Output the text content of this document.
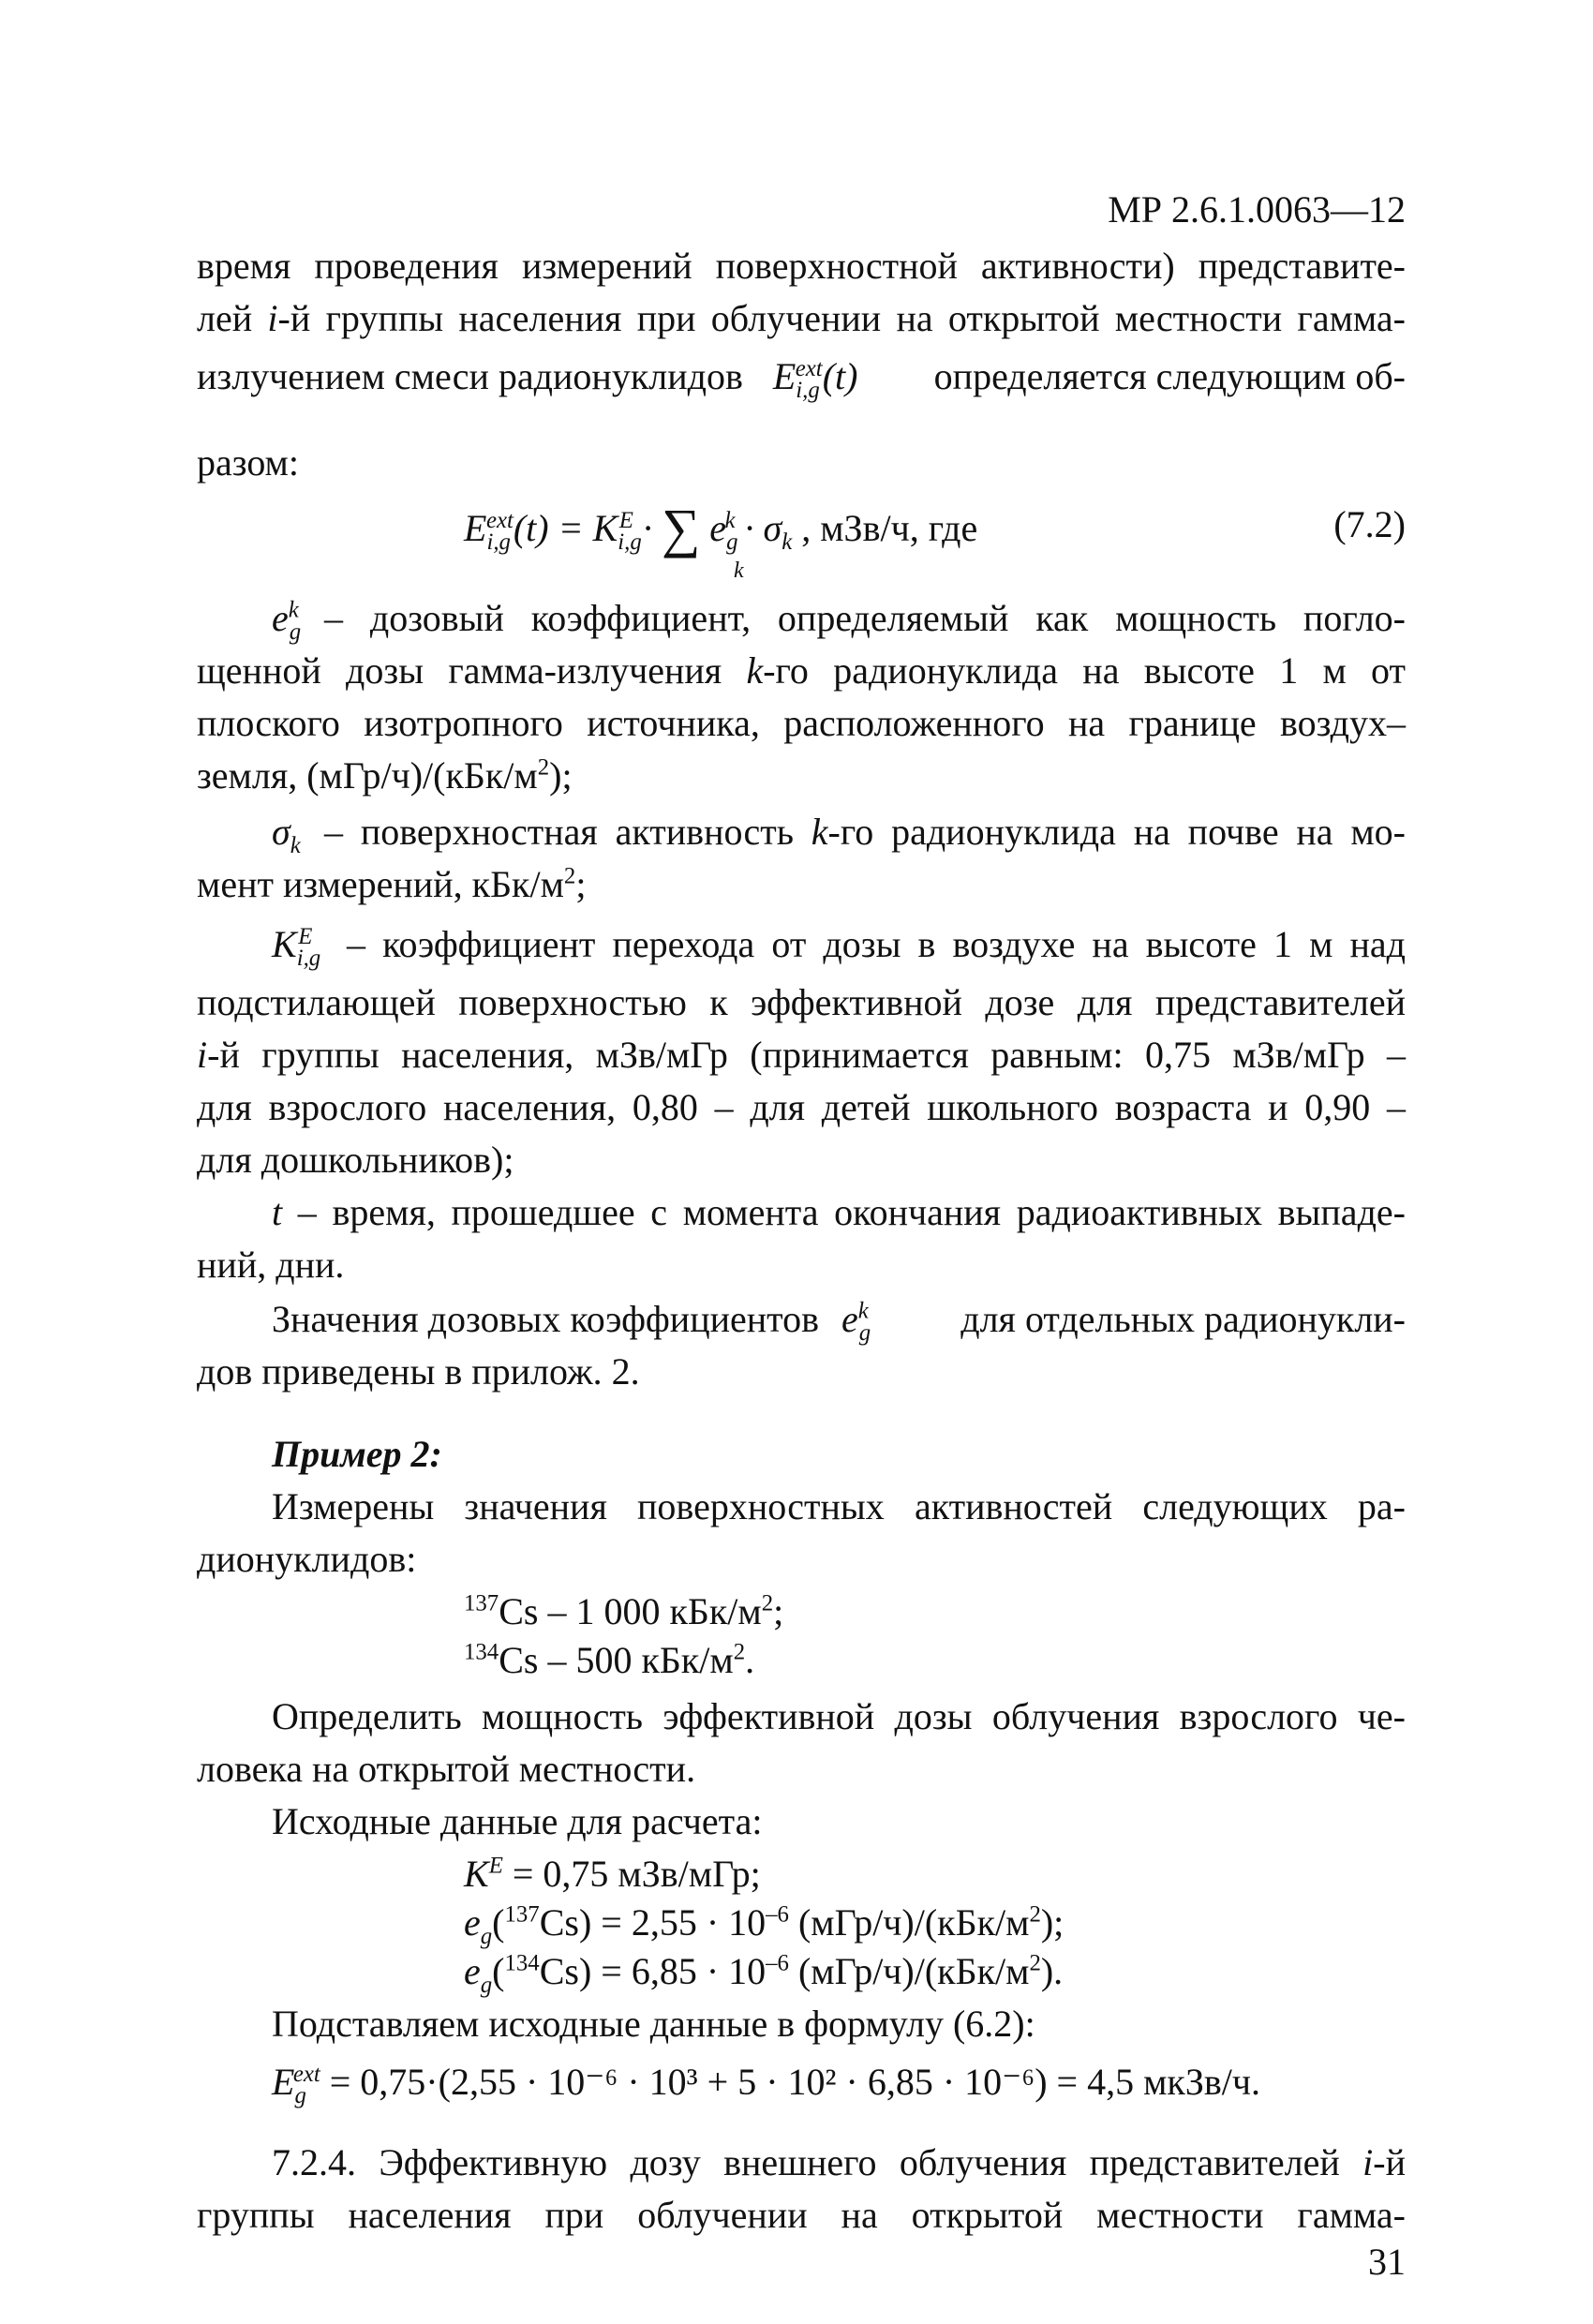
МР 2.6.1.0063—12
время проведения измерений поверхностной активности) представите-
лей i-й группы населения при облучении на открытой местности гамма-
излучением смеси радионуклидов $E_{i,g}^{ext}(t)$ определяется следующим об-
разом:
$E_{i,g}^{ext}(t) = K_{i,g}^E$ · ∑ $e_g^k \cdot \sigma_k$ , мЗв/ч, где
k
(7.2)
$e^k_g$ – дозовый коэффициент, определяемый как мощность погло-
щенной дозы гамма-излучения k-го радионуклида на высоте 1 м от
плоского изотропного источника, расположенного на границе воздух–
земля, $(мГр/ч)/(кБк/м^2)$;
$\sigma_k$ – поверхностная активность k-го радионуклида на почве на мо-
мент измерений, кБк/$м^2$;
$K_{i,g}^E$ – коэффициент перехода от дозы в воздухе на высоте 1 м над
подстилающей поверхностью к эффективной дозе для представителей
i-й группы населения, мЗв/мГр (принимается равным: 0,75 мЗв/мГр –
для взрослого населения, 0,80 – для детей школьного возраста и 0,90 –
для дошкольников);
t – время, прошедшее с момента окончания радиоактивных выпаде-
ний, дни.
Значения дозовых коэффициентов $e^k_g$ для отдельных радионукли-
дов приведены в прилож. 2.
Пример 2:
Измерены значения поверхностных активностей следующих ра-
дионуклидов:
$^{137}$Cs – 1 000 кБк/$м^2$;
$^{134}$Cs – 500 кБк/$м^2$.
Определить мощность эффективной дозы облучения взрослого че-
ловека на открытой местности.
Исходные данные для расчета:
$K^E = 0,75$ мЗв/мГр;
$e_g(^{137}Cs) = 2,55 \cdot 10^{-6}$ $(мГр/ч)/(кБк/м^2)$;
$e_g(^{134}Cs) = 6,85 \cdot 10^{-6}$ $(мГр/ч)/(кБк/м^2)$.
Подставляем исходные данные в формулу (6.2):
$E_g^{ext} = 0,75\cdot(2,55 \cdot 10^{-6} \cdot 10^3 + 5 \cdot 10^2 \cdot 6,85 \cdot 10^{-6}) = 4,5$ мкЗв/ч.
7.2.4. Эффективную дозу внешнего облучения представителей i-й
группы населения при облучении на открытой местности гамма-
31
